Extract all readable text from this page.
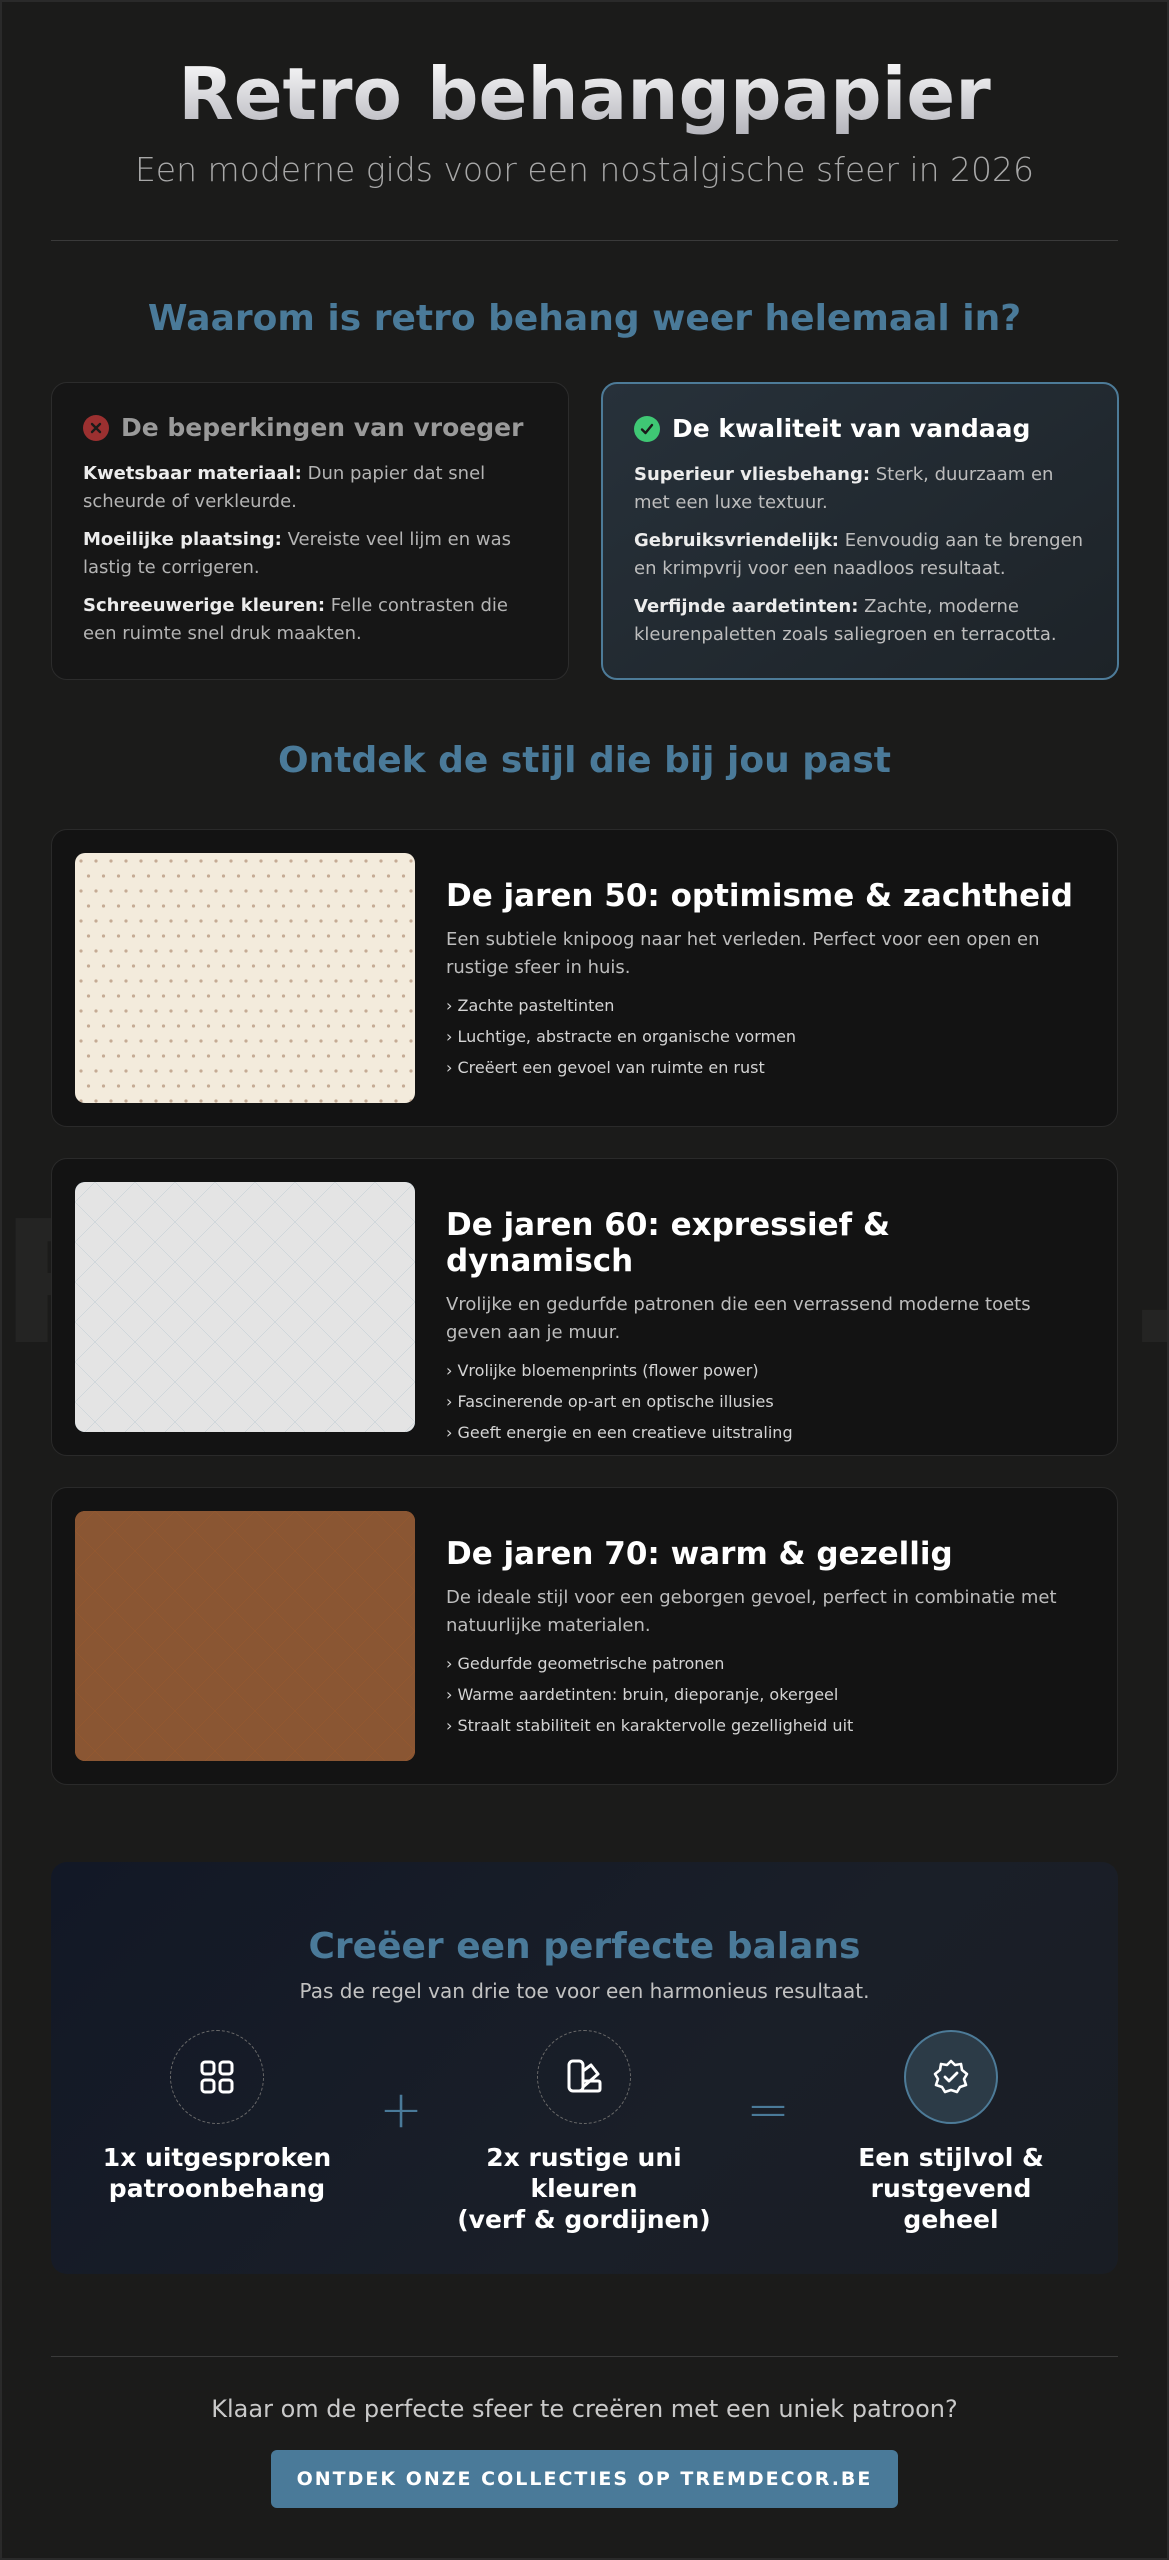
Retro behangpapier

Een moderne gids voor een nostalgische sfeer in 2026

Waarom is retro behang weer helemaal in?
De beperkingen van vroeger

Kwetsbaar materiaal: Dun papier dat snel scheurde of verkleurde.

Moeilijke plaatsing: Vereiste veel lijm en was lastig te corrigeren.

Schreeuwerige kleuren: Felle contrasten die een ruimte snel druk maakten.

De kwaliteit van vandaag

Superieur vliesbehang: Sterk, duurzaam en met een luxe textuur.

Gebruiksvriendelijk: Eenvoudig aan te brengen en krimpvrij voor een naadloos resultaat.

Verfijnde aardetinten: Zachte, moderne kleurenpaletten zoals saliegroen en terracotta.

Ontdek de stijl die bij jou past
De jaren 50: optimisme & zachtheid

Een subtiele knipoog naar het verleden. Perfect voor een open en rustige sfeer in huis.

› Zachte pasteltinten
› Luchtige, abstracte en organische vormen
› Creëert een gevoel van ruimte en rust
De jaren 60: expressief & dynamisch

Vrolijke en gedurfde patronen die een verrassend moderne toets geven aan je muur.

› Vrolijke bloemenprints (flower power)
› Fascinerende op-art en optische illusies
› Geeft energie en een creatieve uitstraling
De jaren 70: warm & gezellig

De ideale stijl voor een geborgen gevoel, perfect in combinatie met natuurlijke materialen.

› Gedurfde geometrische patronen
› Warme aardetinten: bruin, dieporanje, okergeel
› Straalt stabiliteit en karaktervolle gezelligheid uit
Creëer een perfecte balans

Pas de regel van drie toe voor een harmonieus resultaat.

1x uitgesproken
patroonbehang
+
2x rustige uni
kleuren
(verf & gordijnen)
=
Een stijlvol &
rustgevend
geheel

Klaar om de perfecte sfeer te creëren met een uniek patroon?

ONTDEK ONZE COLLECTIES OP TREMDECOR.BE
